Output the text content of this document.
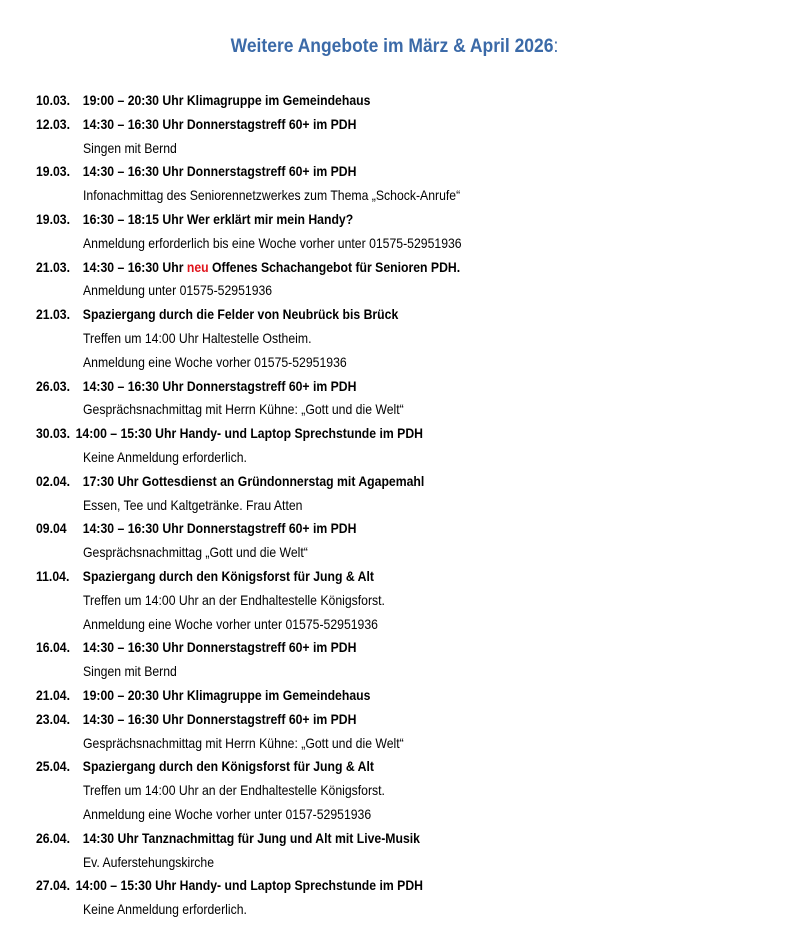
Weitere Angebote im März & April 2026:
10.03. 19:00 – 20:30 Uhr Klimagruppe im Gemeindehaus
12.03. 14:30 – 16:30 Uhr Donnerstagstreff 60+ im PDH
Singen mit Bernd
19.03. 14:30 – 16:30 Uhr Donnerstagstreff 60+ im PDH
Infonachmittag des Seniorennetzwerkes zum Thema „Schock-Anrufe“
19.03. 16:30 – 18:15 Uhr Wer erklärt mir mein Handy?
Anmeldung erforderlich bis eine Woche vorher unter 01575-52951936
21.03. 14:30 – 16:30 Uhr neu Offenes Schachangebot für Senioren PDH.
Anmeldung unter 01575-52951936
21.03. Spaziergang durch die Felder von Neubrück bis Brück
Treffen um 14:00 Uhr Haltestelle Ostheim.
Anmeldung eine Woche vorher 01575-52951936
26.03. 14:30 – 16:30 Uhr Donnerstagstreff 60+ im PDH
Gesprächsnachmittag mit Herrn Kühne: „Gott und die Welt“
30.03. 14:00 – 15:30 Uhr Handy- und Laptop Sprechstunde im PDH
Keine Anmeldung erforderlich.
02.04. 17:30 Uhr Gottesdienst an Gründonnerstag mit Agapemahl
Essen, Tee und Kaltgetränke. Frau Atten
09.04 14:30 – 16:30 Uhr Donnerstagstreff 60+ im PDH
Gesprächsnachmittag „Gott und die Welt“
11.04. Spaziergang durch den Königsforst für Jung & Alt
Treffen um 14:00 Uhr an der Endhaltestelle Königsforst.
Anmeldung eine Woche vorher unter 01575-52951936
16.04. 14:30 – 16:30 Uhr Donnerstagstreff 60+ im PDH
Singen mit Bernd
21.04. 19:00 – 20:30 Uhr Klimagruppe im Gemeindehaus
23.04. 14:30 – 16:30 Uhr Donnerstagstreff 60+ im PDH
Gesprächsnachmittag mit Herrn Kühne: „Gott und die Welt“
25.04. Spaziergang durch den Königsforst für Jung & Alt
Treffen um 14:00 Uhr an der Endhaltestelle Königsforst.
Anmeldung eine Woche vorher unter 0157-52951936
26.04. 14:30 Uhr Tanznachmittag für Jung und Alt mit Live-Musik
Ev. Auferstehungskirche
27.04. 14:00 – 15:30 Uhr Handy- und Laptop Sprechstunde im PDH
Keine Anmeldung erforderlich.
